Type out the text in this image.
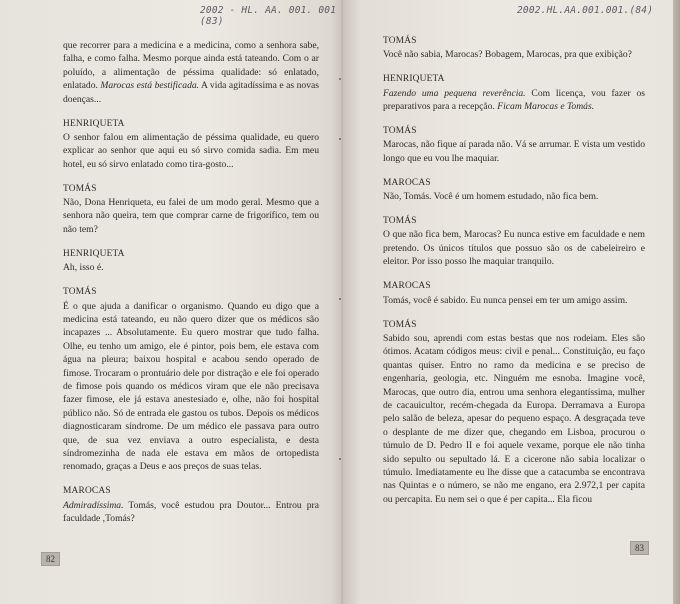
2002 - HL. AA. 001. 001 (83)
que recorrer para a medicina e a medicina, como a senhora sabe, falha, e como falha. Mesmo porque ainda está tateando. Com o ar poluído, a alimentação de péssima qualidade: só enlatado, enlatado. Marocas está bestificada. A vida agitadíssima e as novas doenças...
HENRIQUETA
O senhor falou em alimentação de péssima qualidade, eu quero explicar ao senhor que aqui eu só sirvo comida sadia. Em meu hotel, eu só sirvo enlatado como tira-gosto...
TOMÁS
Não, Dona Henriqueta, eu falei de um modo geral. Mesmo que a senhora não queira, tem que comprar carne de frigorífico, tem ou não tem?
HENRIQUETA
Ah, isso é.
TOMÁS
É o que ajuda a danificar o organismo. Quando eu digo que a medicina está tateando, eu não quero dizer que os médicos são incapazes ... Absolutamente. Eu quero mostrar que tudo falha. Olhe, eu tenho um amigo, ele é pintor, pois bem, ele estava com água na pleura; baixou hospital e acabou sendo operado de fimose. Trocaram o prontuário dele por distração e ele foi operado de fimose pois quando os médicos viram que ele não precisava fazer fimose, ele já estava anestesiado e, olhe, não foi hospital público não. Só de entrada ele gastou os tubos. Depois os médicos diagnosticaram síndrome. De um médico ele passava para outro que, de sua vez enviava a outro especialista, e desta síndromezinha de nada ele estava em mãos de ortopedista renomado, graças a Deus e aos preços de suas telas.
MAROCAS
Admiradíssima. Tomás, você estudou pra Doutor... Entrou pra faculdade ,Tomás?
82
2002.HL.AA.001.001.(84)
TOMÁS
Você não sabia, Marocas? Bobagem, Marocas, pra que exibição?
HENRIQUETA
Fazendo uma pequena reverência. Com licença, vou fazer os preparativos para a recepção. Ficam Marocas e Tomás.
TOMÁS
Marocas, não fique aí parada não. Vá se arrumar. E vista um vestido longo que eu vou lhe maquiar.
MAROCAS
Não, Tomás. Você é um homem estudado, não fica bem.
TOMÁS
O que não fica bem, Marocas? Eu nunca estive em faculdade e nem pretendo. Os únicos títulos que possuo são os de cabeleireiro e eleitor. Por isso posso lhe maquiar tranquilo.
MAROCAS
Tomás, você é sabido. Eu nunca pensei em ter um amigo assim.
TOMÁS
Sabido sou, aprendi com estas bestas que nos rodeiam. Eles são ótimos. Acatam códigos meus: civil e penal... Constituição, eu faço quantas quiser. Entro no ramo da medicina e se preciso de engenharia, geologia, etc. Ninguém me esnoba. Imagine você, Marocas, que outro dia, entrou uma senhora elegantíssima, mulher de cacauicultor, recém-chegada da Europa. Derramava a Europa pelo salão de beleza, apesar do pequeno espaço. A desgraçada teve o desplante de me dizer que, chegando em Lisboa, procurou o túmulo de D. Pedro II e foi aquele vexame, porque ele não tinha sido sepulto ou sepultado lá. E a cicerone não sabia localizar o túmulo. Imediatamente eu lhe disse que a catacumba se encontrava nas Quintas e o número, se não me engano, era 2.972,1 per capita ou percapita. Eu nem sei o que é per capita... Ela ficou
83
